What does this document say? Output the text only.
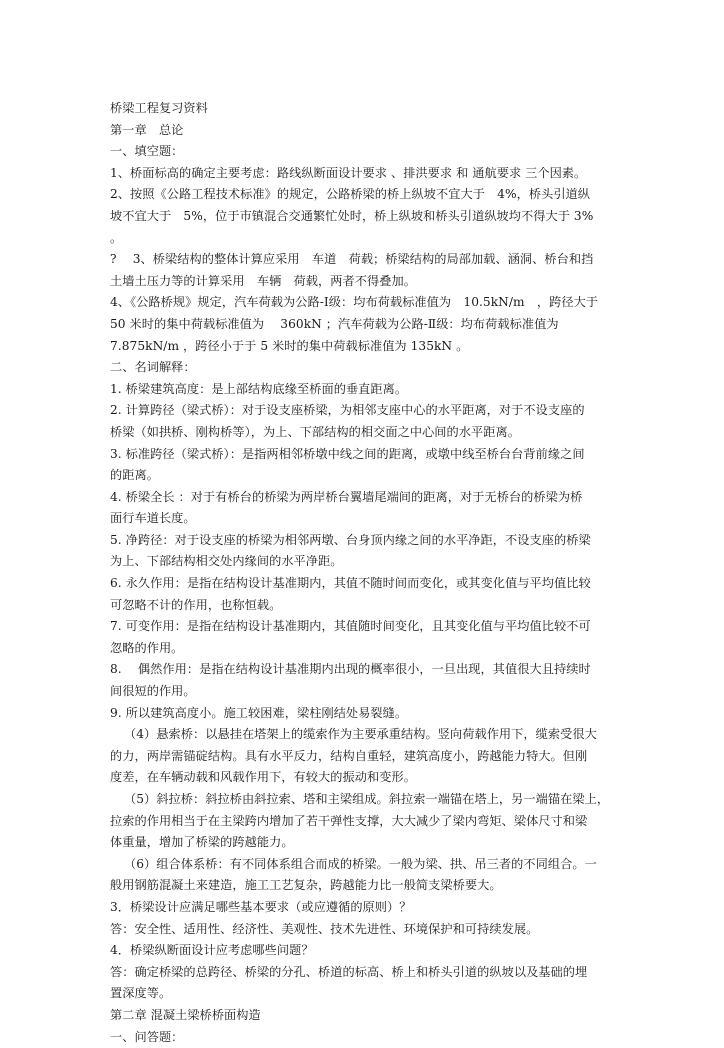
桥梁工程复习资料
第一章　总论
一、填空题：
1、桥面标高的确定主要考虑：路线纵断面设计要求 、排洪要求 和 通航要求 三个因素。
2、按照《公路工程技术标准》的规定，公路桥梁的桥上纵坡不宜大于　4%，桥头引道纵
坡不宜大于　5%，位于市镇混合交通繁忙处时，桥上纵坡和桥头引道纵坡均不得大于 3%
。
?　 3、桥梁结构的整体计算应采用　车道　荷载；桥梁结构的局部加载、涵洞、桥台和挡
土墙土压力等的计算采用　车辆　荷载，两者不得叠加。
4、《公路桥规》规定，汽车荷载为公路-Ⅰ级：均布荷载标准值为　10.5kN/m　，跨径大于
50 米时的集中荷载标准值为　 360kN ；汽车荷载为公路-Ⅱ级：均布荷载标准值为
7.875kN/m ，跨径小于于 5 米时的集中荷载标准值为 135kN 。
二、名词解释：
1. 桥梁建筑高度：是上部结构底缘至桥面的垂直距离。
2. 计算跨径（梁式桥）：对于设支座桥梁，为相邻支座中心的水平距离，对于不设支座的
桥梁（如拱桥、刚构桥等），为上、下部结构的相交面之中心间的水平距离。
3. 标准跨径（梁式桥）：是指两相邻桥墩中线之间的距离，或墩中线至桥台台背前缘之间
的距离。
4. 桥梁全长 ：对于有桥台的桥梁为两岸桥台翼墙尾端间的距离，对于无桥台的桥梁为桥
面行车道长度。
5. 净跨径：对于设支座的桥梁为相邻两墩、台身顶内缘之间的水平净距，不设支座的桥梁
为上、下部结构相交处内缘间的水平净距。
6. 永久作用：是指在结构设计基准期内，其值不随时间而变化，或其变化值与平均值比较
可忽略不计的作用，也称恒载。
7. 可变作用：是指在结构设计基准期内，其值随时间变化，且其变化值与平均值比较不可
忽略的作用。
8.　 偶然作用：是指在结构设计基准期内出现的概率很小，一旦出现，其值很大且持续时
间很短的作用。
9. 所以建筑高度小。施工较困难，梁柱刚结处易裂缝。
（4）悬索桥：以悬挂在塔架上的缆索作为主要承重结构。竖向荷载作用下，缆索受很大
的力，两岸需锚碇结构。具有水平反力，结构自重轻，建筑高度小，跨越能力特大。但刚
度差，在车辆动载和风载作用下，有较大的振动和变形。
（5）斜拉桥：斜拉桥由斜拉索、塔和主梁组成。斜拉索一端锚在塔上，另一端锚在梁上，
拉索的作用相当于在主梁跨内增加了若干弹性支撑，大大减少了梁内弯矩、梁体尺寸和梁
体重量，增加了桥梁的跨越能力。
（6）组合体系桥：有不同体系组合而成的桥梁。一般为梁、拱、吊三者的不同组合。一
般用钢筋混凝土来建造，施工工艺复杂，跨越能力比一般简支梁桥要大。
3．桥梁设计应满足哪些基本要求（或应遵循的原则）？
答：安全性、适用性、经济性、美观性、技术先进性、环境保护和可持续发展。
4．桥梁纵断面设计应考虑哪些问题？
答：确定桥梁的总跨径、桥梁的分孔、桥道的标高、桥上和桥头引道的纵坡以及基础的埋
置深度等。
第二章 混凝土梁桥桥面构造
一、问答题：
